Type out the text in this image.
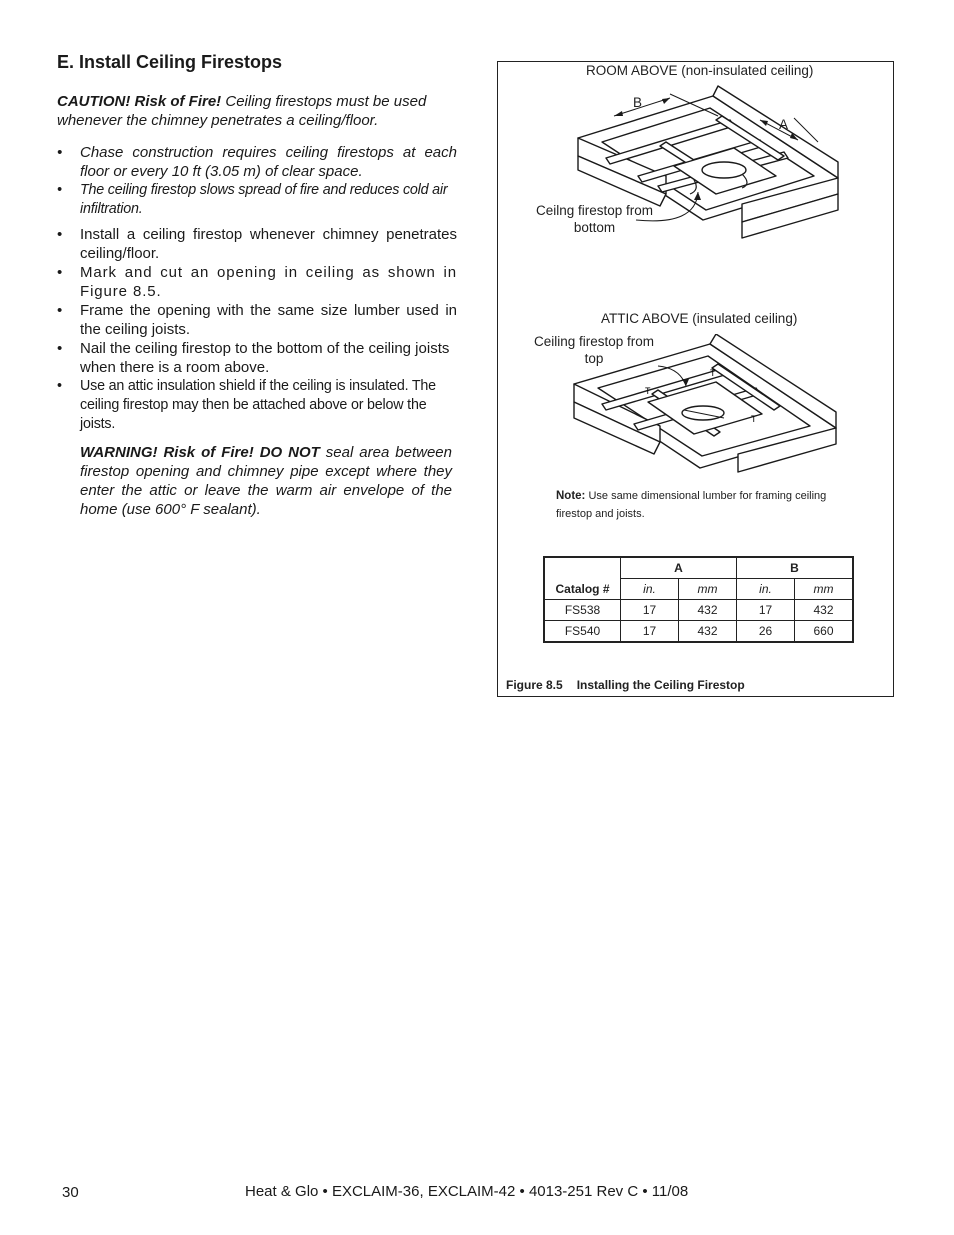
E. Install Ceiling Firestops
CAUTION! Risk of Fire! Ceiling firestops must be used whenever the chimney penetrates a ceiling/floor.
• Chase construction requires ceiling firestops at each floor or every 10 ft (3.05 m) of clear space.
• The ceiling firestop slows spread of fire and reduces cold air infiltration.
• Install a ceiling firestop whenever chimney penetrates ceiling/floor.
• Mark and cut an opening in ceiling as shown in Figure 8.5.
• Frame the opening with the same size lumber used in the ceiling joists.
• Nail the ceiling firestop to the bottom of the ceiling joists when there is a room above.
• Use an attic insulation shield if the ceiling is insulated. The ceiling firestop may then be attached above or below the joists.
WARNING! Risk of Fire! DO NOT seal area between firestop opening and chimney pipe except where they enter the attic or leave the warm air envelope of the home (use 600° F sealant).
ROOM ABOVE (non-insulated ceiling)
B
A
Ceilng firestop from
bottom
ATTIC ABOVE (insulated ceiling)
Ceiling firestop from
top
T
T
T
Note: Use same dimensional lumber for framing ceiling firestop and joists.
Catalog #	A		B	
	in.	mm	in.	mm
FS538	17	432	17	432
FS540	17	432	26	660
Figure 8.5 Installing the Ceiling Firestop
30	Heat & Glo • EXCLAIM-36, EXCLAIM-42 • 4013-251 Rev C • 11/08
